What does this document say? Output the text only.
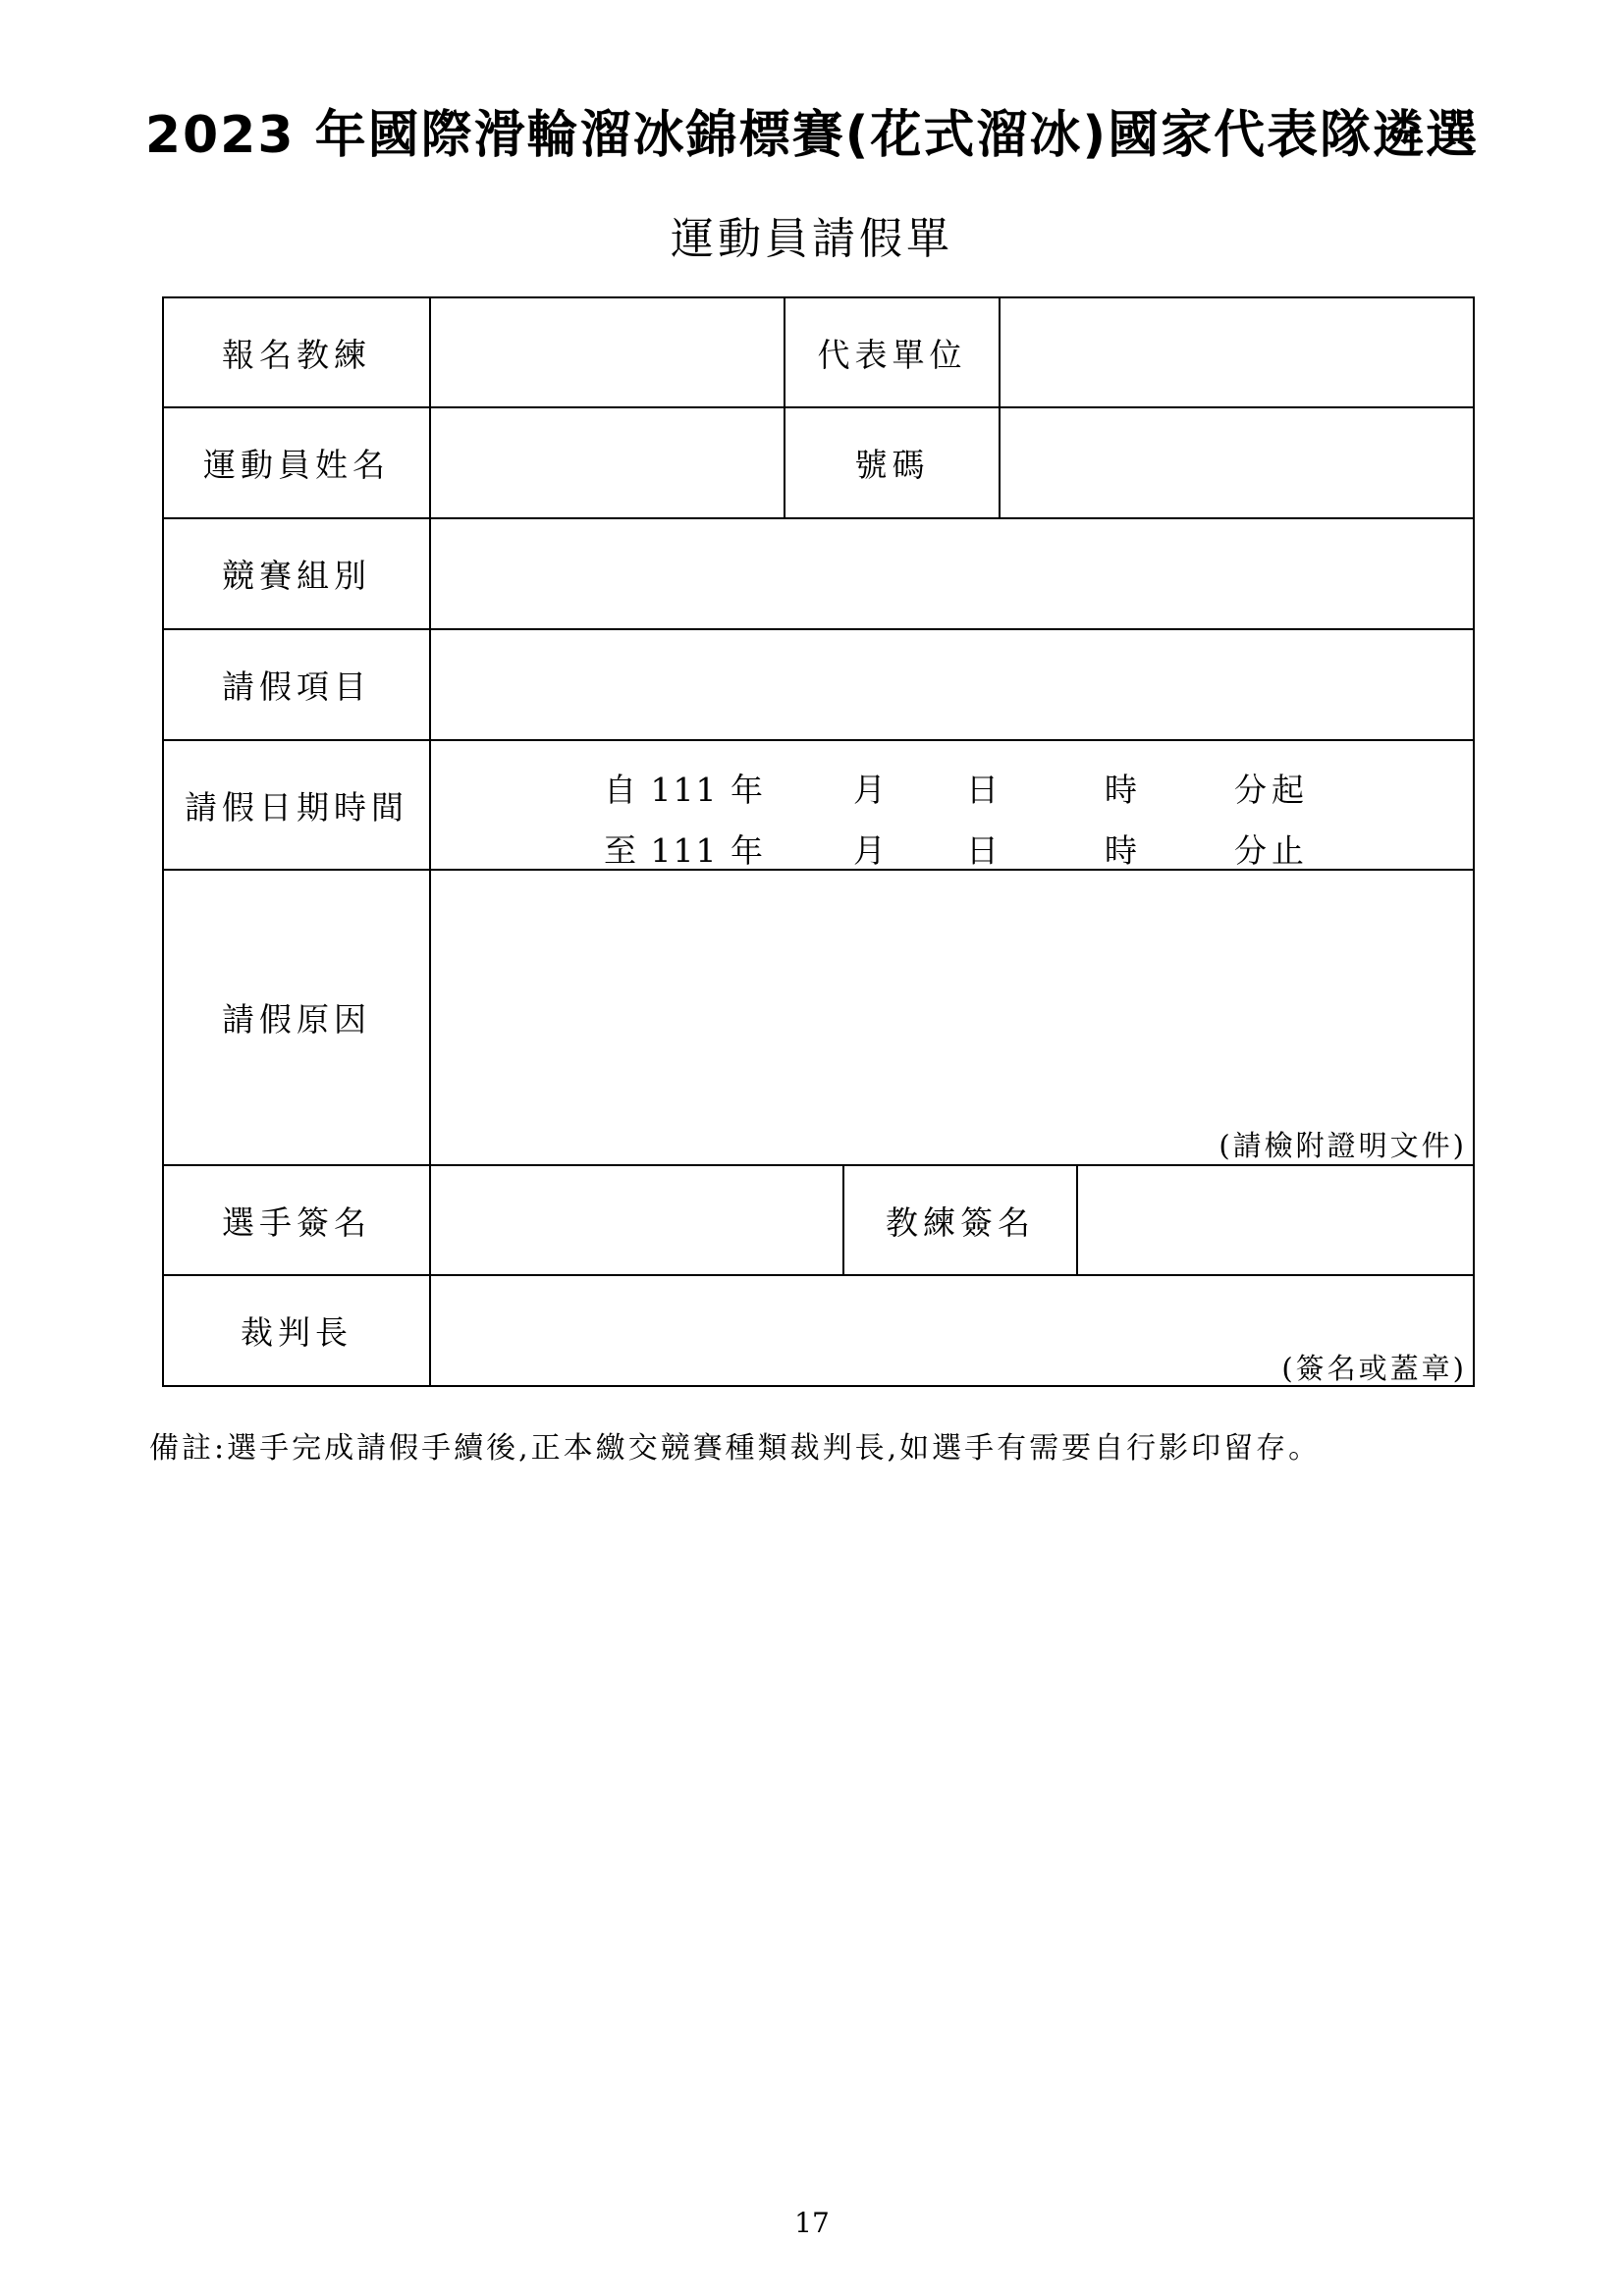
2023 年國際滑輪溜冰錦標賽(花式溜冰)國家代表隊遴選
運動員請假單
報名教練	代表單位
運動員姓名	號碼
競賽組別
請假項目
請假日期時間	自 111 年	月 日	時	分起
至 111 年	月 日	時	分止
請假原因
(請檢附證明文件)
選手簽名	教練簽名
裁判長
(簽名或蓋章)
備註:選手完成請假手續後,正本繳交競賽種類裁判長,如選手有需要自行影印留存。
17
